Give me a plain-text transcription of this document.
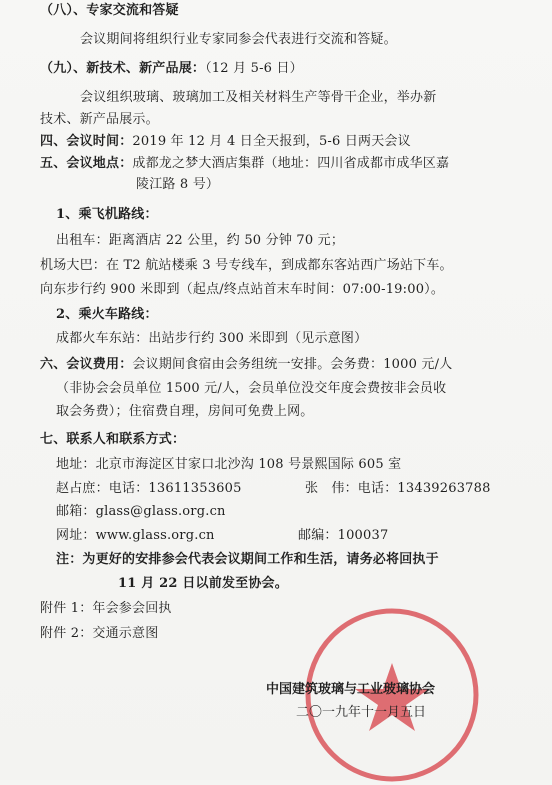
（八）、专家交流和答疑
会议期间将组织行业专家同参会代表进行交流和答疑。
（九）、新技术、新产品展：（12 月 5-6 日）
会议组织玻璃、玻璃加工及相关材料生产等骨干企业，举办新
技术、新产品展示。
四、会议时间：2019 年 12 月 4 日全天报到，5-6 日两天会议
五、会议地点：成都龙之梦大酒店集群（地址：四川省成都市成华区嘉
陵江路 8 号）
1、乘飞机路线：
出租车：距离酒店 22 公里，约 50 分钟 70 元；
机场大巴：在 T2 航站楼乘 3 号专线车，到成都东客站西广场站下车。
向东步行约 900 米即到（起点/终点站首末车时间：07:00-19:00）。
2、乘火车路线：
成都火车东站：出站步行约 300 米即到（见示意图）
六、会议费用：会议期间食宿由会务组统一安排。会务费：1000 元/人
（非协会会员单位 1500 元/人，会员单位没交年度会费按非会员收
取会务费）；住宿费自理，房间可免费上网。
七、联系人和联系方式：
地址：北京市海淀区甘家口北沙沟 108 号景熙国际 605 室
赵占庶：电话：13611353605	张　伟：电话：13439263788
邮箱：glass@glass.org.cn
网址：www.glass.org.cn	邮编：100037
注：为更好的安排参会代表会议期间工作和生活，请务必将回执于
11 月 22 日以前发至协会。
附件 1：年会参会回执
附件 2：交通示意图
中国建筑玻璃与工业玻璃协会
二〇一九年十一月五日
